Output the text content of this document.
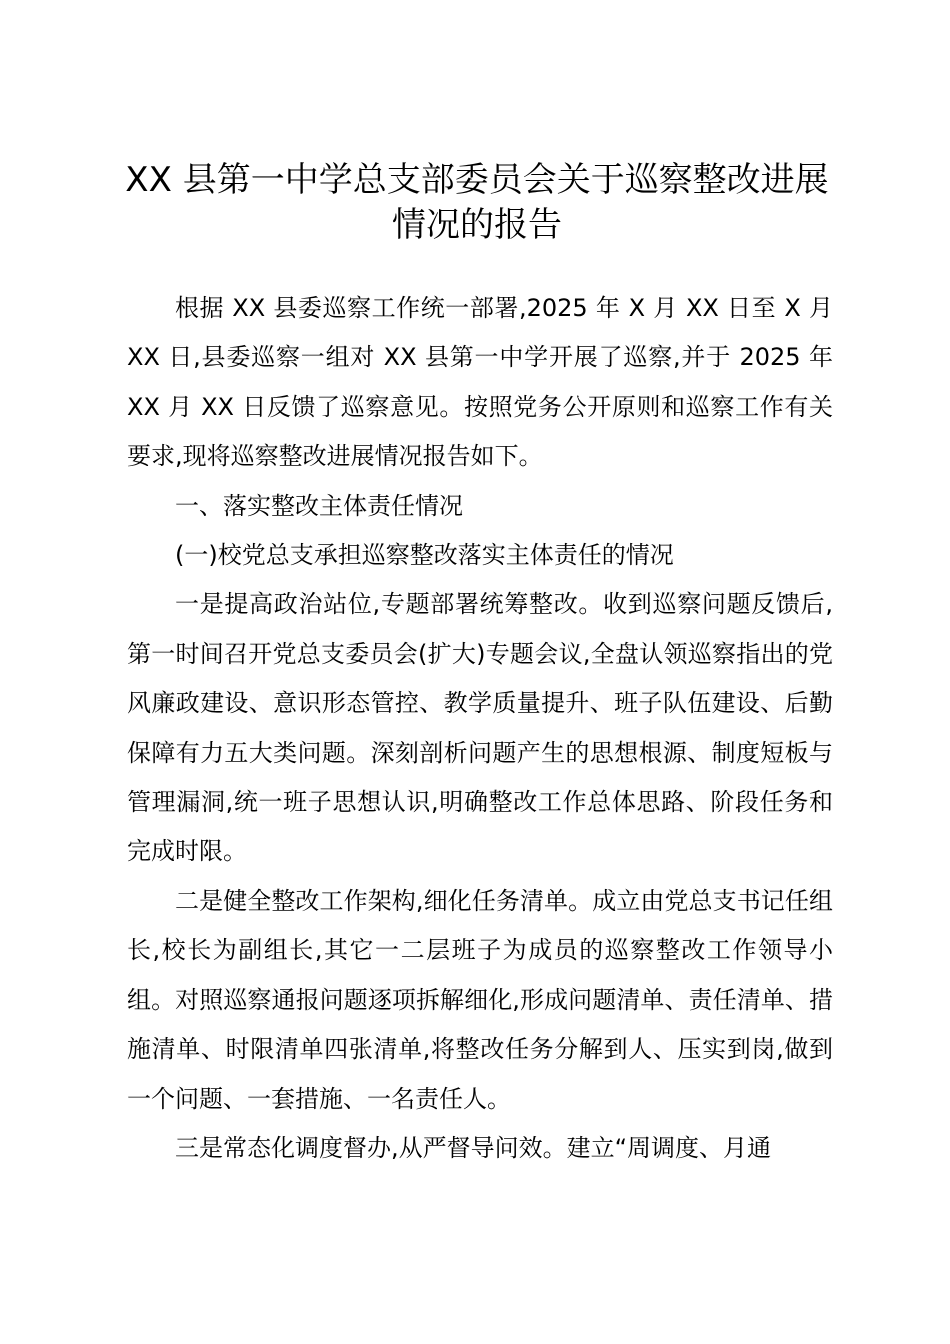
XX 县第一中学总支部委员会关于巡察整改进展情况的报告

根据 XX 县委巡察工作统一部署,2025 年 X 月 XX 日至 X 月 XX 日,县委巡察一组对 XX 县第一中学开展了巡察,并于 2025 年 XX 月 XX 日反馈了巡察意见。按照党务公开原则和巡察工作有关要求,现将巡察整改进展情况报告如下。

一、落实整改主体责任情况

(一)校党总支承担巡察整改落实主体责任的情况

一是提高政治站位,专题部署统筹整改。收到巡察问题反馈后,第一时间召开党总支委员会(扩大)专题会议,全盘认领巡察指出的党风廉政建设、意识形态管控、教学质量提升、班子队伍建设、后勤保障有力五大类问题。深刻剖析问题产生的思想根源、制度短板与管理漏洞,统一班子思想认识,明确整改工作总体思路、阶段任务和完成时限。

二是健全整改工作架构,细化任务清单。成立由党总支书记任组长,校长为副组长,其它一二层班子为成员的巡察整改工作领导小组。对照巡察通报问题逐项拆解细化,形成问题清单、责任清单、措施清单、时限清单四张清单,将整改任务分解到人、压实到岗,做到一个问题、一套措施、一名责任人。

三是常态化调度督办,从严督导问效。建立“周调度、月通
